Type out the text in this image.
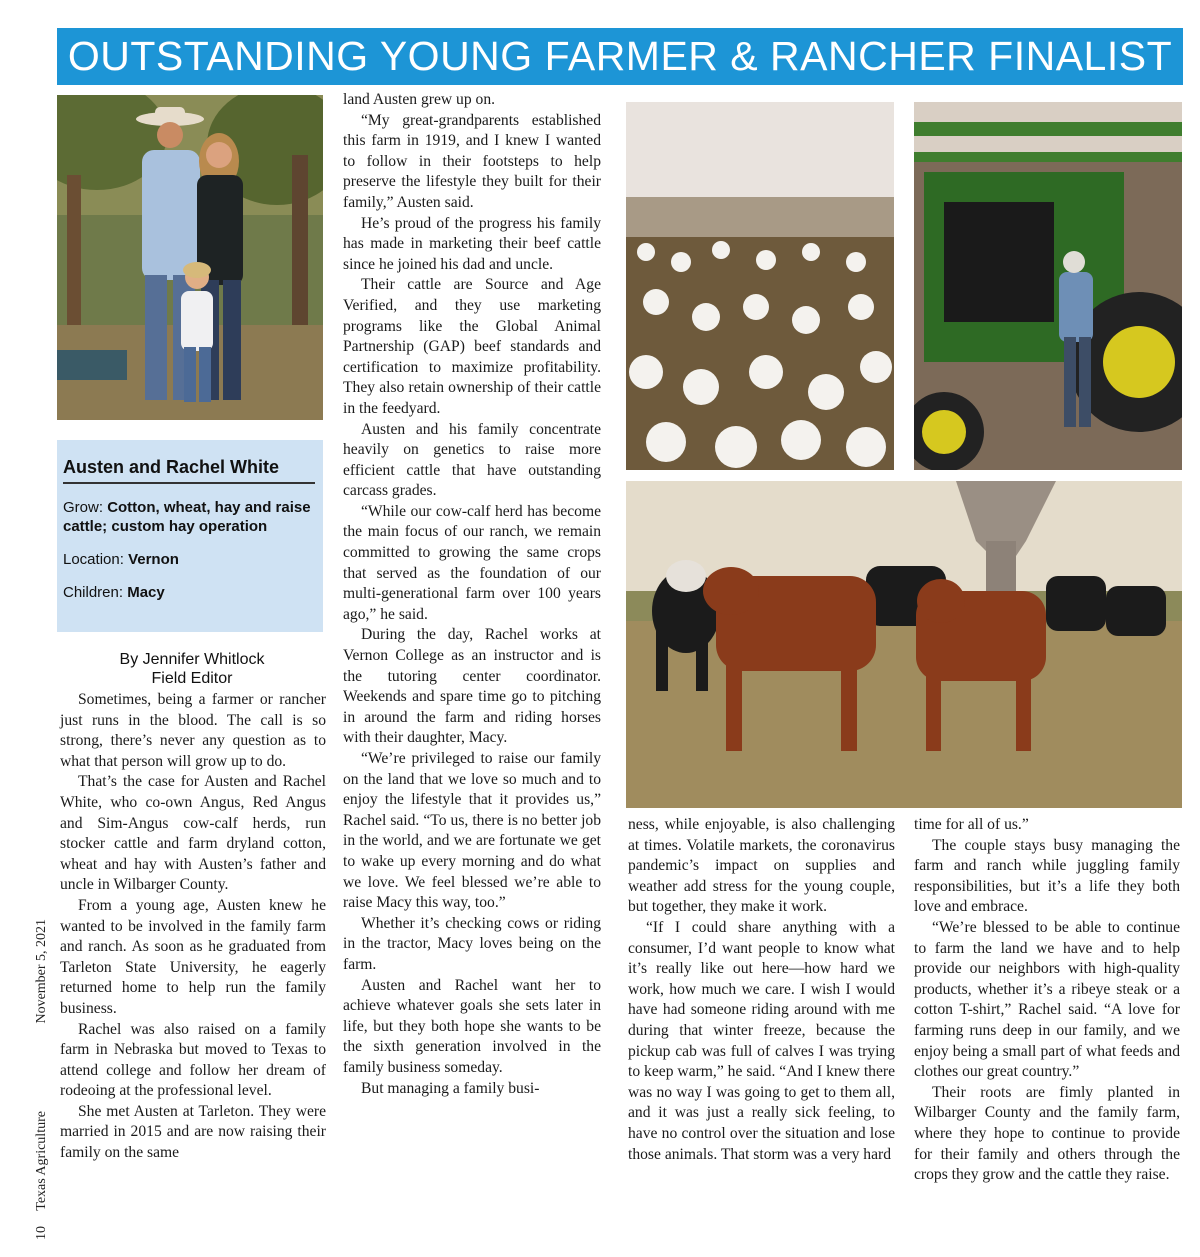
OUTSTANDING YOUNG FARMER & RANCHER FINALIST
10 Texas Agriculture November 5, 2021
Austen and Rachel White
Grow: Cotton, wheat, hay and raise cattle; custom hay operation
Location: Vernon
Children: Macy
By Jennifer Whitlock
Field Editor

Sometimes, being a farmer or rancher just runs in the blood. The call is so strong, there’s never any question as to what that person will grow up to do.

That’s the case for Austen and Rachel White, who co-own Angus, Red Angus and Sim-Angus cow-calf herds, run stocker cattle and farm dryland cotton, wheat and hay with Austen’s father and uncle in Wilbarger County.

From a young age, Austen knew he wanted to be involved in the family farm and ranch. As soon as he graduated from Tarleton State University, he eagerly returned home to help run the family business.

Rachel was also raised on a family farm in Nebraska but moved to Texas to attend college and follow her dream of rodeoing at the professional level.

She met Austen at Tarleton. They were married in 2015 and are now raising their family on the same

land Austen grew up on.

“My great-grandparents established this farm in 1919, and I knew I wanted to follow in their footsteps to help preserve the lifestyle they built for their family,” Austen said.

He’s proud of the progress his family has made in marketing their beef cattle since he joined his dad and uncle.

Their cattle are Source and Age Verified, and they use marketing programs like the Global Animal Partnership (GAP) beef standards and certification to maximize profitability. They also retain ownership of their cattle in the feedyard.

Austen and his family concentrate heavily on genetics to raise more efficient cattle that have outstanding carcass grades.

“While our cow-calf herd has become the main focus of our ranch, we remain committed to growing the same crops that served as the foundation of our multi-generational farm over 100 years ago,” he said.

During the day, Rachel works at Vernon College as an instructor and is the tutoring center coordinator. Weekends and spare time go to pitching in around the farm and riding horses with their daughter, Macy.

“We’re privileged to raise our family on the land that we love so much and to enjoy the lifestyle that it provides us,” Rachel said. “To us, there is no better job in the world, and we are fortunate we get to wake up every morning and do what we love. We feel blessed we’re able to raise Macy this way, too.”

Whether it’s checking cows or riding in the tractor, Macy loves being on the farm.

Austen and Rachel want her to achieve whatever goals she sets later in life, but they both hope she wants to be the sixth generation involved in the family business someday.

But managing a family busi-

ness, while enjoyable, is also challenging at times. Volatile markets, the coronavirus pandemic’s impact on supplies and weather add stress for the young couple, but together, they make it work.

“If I could share anything with a consumer, I’d want people to know what it’s really like out here—how hard we work, how much we care. I wish I would have had someone riding around with me during that winter freeze, because the pickup cab was full of calves I was trying to keep warm,” he said. “And I knew there was no way I was going to get to them all, and it was just a really sick feeling, to have no control over the situation and lose those animals. That storm was a very hard

time for all of us.”

The couple stays busy managing the farm and ranch while juggling family responsibilities, but it’s a life they both love and embrace.

“We’re blessed to be able to continue to farm the land we have and to help provide our neighbors with high-quality products, whether it’s a ribeye steak or a cotton T-shirt,” Rachel said. “A love for farming runs deep in our family, and we enjoy being a small part of what feeds and clothes our great country.”

Their roots are fimly planted in Wilbarger County and the family farm, where they hope to continue to provide for their family and others through the crops they grow and the cattle they raise.
